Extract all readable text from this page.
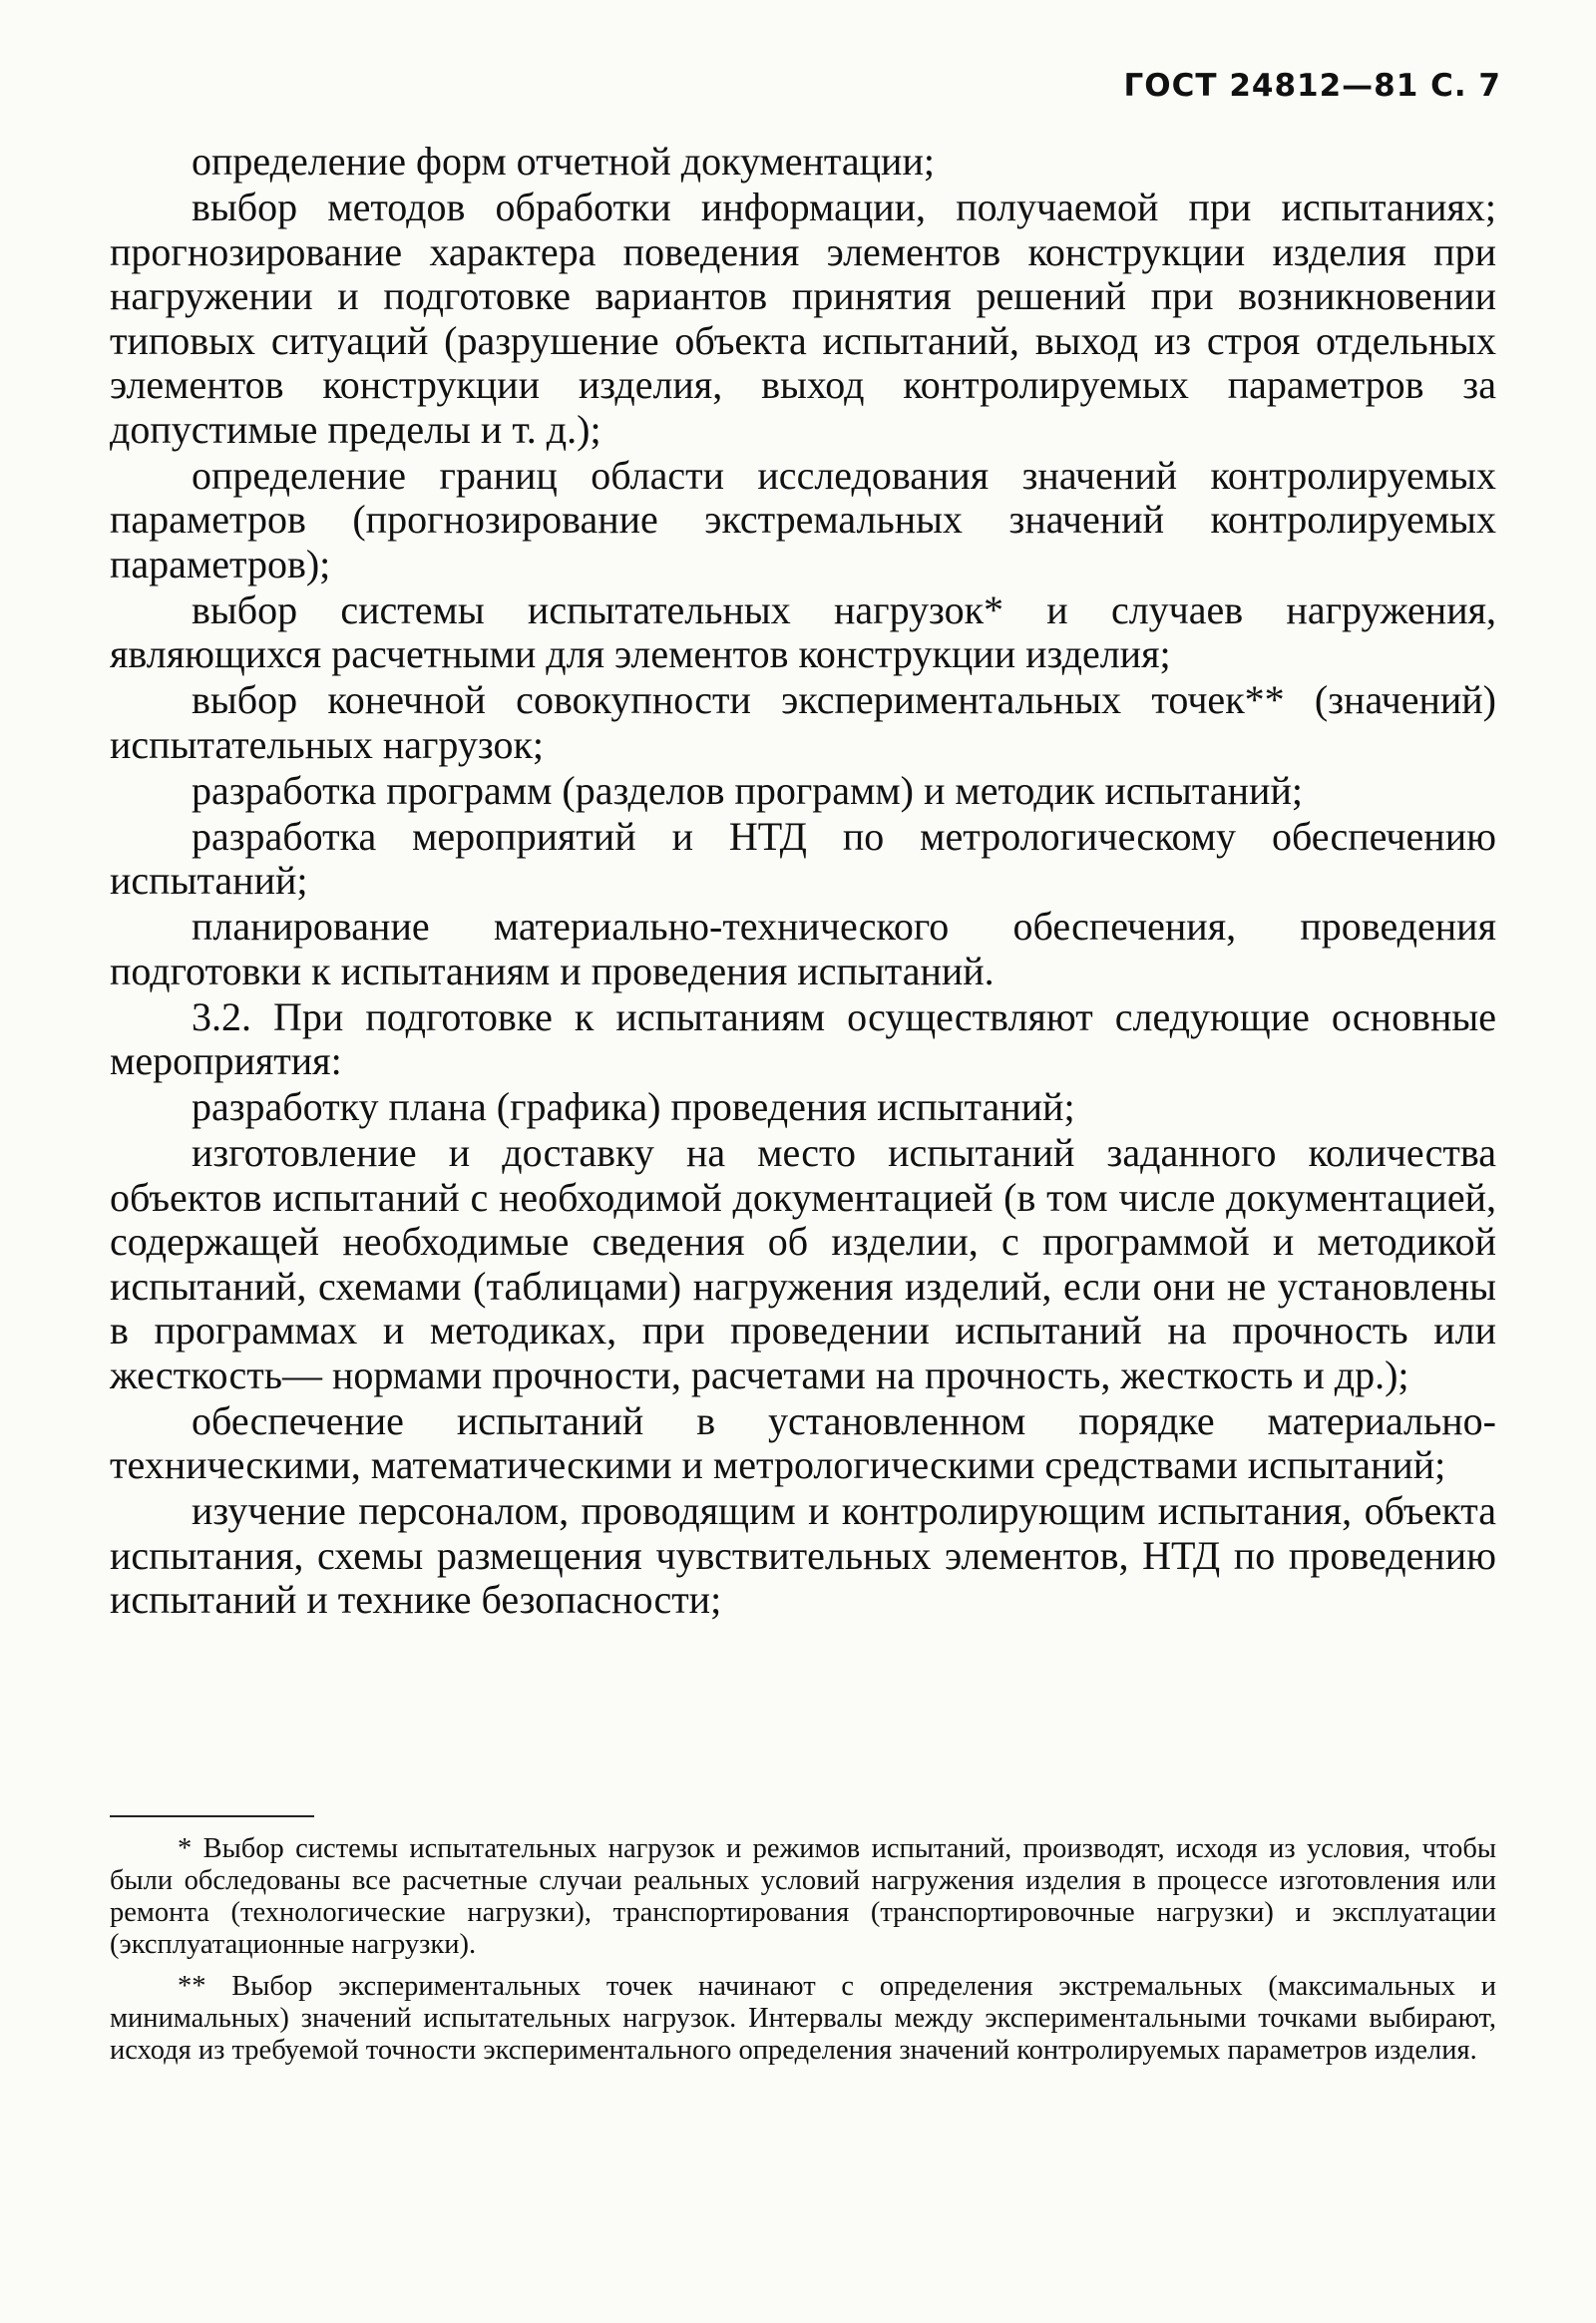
ГОСТ 24812—81 С. 7

определение форм отчетной документации;

выбор методов обработки информации, получаемой при испытаниях; прогнозирование характера поведения элементов конструкции изделия при нагружении и подготовке вариантов принятия решений при возникновении типовых ситуаций (разрушение объекта испытаний, выход из строя отдельных элементов конструкции изделия, выход контролируемых параметров за допустимые пределы и т. д.);

определение границ области исследования значений контролируемых параметров (прогнозирование экстремальных значений контролируемых параметров);

выбор системы испытательных нагрузок* и случаев нагружения, являющихся расчетными для элементов конструкции изделия;

выбор конечной совокупности экспериментальных точек** (значений) испытательных нагрузок;

разработка программ (разделов программ) и методик испытаний;

разработка мероприятий и НТД по метрологическому обеспечению испытаний;

планирование материально-технического обеспечения, проведения подготовки к испытаниям и проведения испытаний.

3.2. При подготовке к испытаниям осуществляют следующие основные мероприятия:

разработку плана (графика) проведения испытаний;

изготовление и доставку на место испытаний заданного количества объектов испытаний с необходимой документацией (в том числе документацией, содержащей необходимые сведения об изделии, с программой и методикой испытаний, схемами (таблицами) нагружения изделий, если они не установлены в программах и методиках, при проведении испытаний на прочность или жесткость— нормами прочности, расчетами на прочность, жесткость и др.);

обеспечение испытаний в установленном порядке материально-техническими, математическими и метрологическими средствами испытаний;

изучение персоналом, проводящим и контролирующим испытания, объекта испытания, схемы размещения чувствительных элементов, НТД по проведению испытаний и технике безопасности;

* Выбор системы испытательных нагрузок и режимов испытаний, производят, исходя из условия, чтобы были обследованы все расчетные случаи реальных условий нагружения изделия в процессе изготовления или ремонта (технологические нагрузки), транспортирования (транспортировочные нагрузки) и эксплуатации (эксплуатационные нагрузки).

** Выбор экспериментальных точек начинают с определения экстремальных (максимальных и минимальных) значений испытательных нагрузок. Интервалы между экспериментальными точками выбирают, исходя из требуемой точности экспериментального определения значений контролируемых параметров изделия.
